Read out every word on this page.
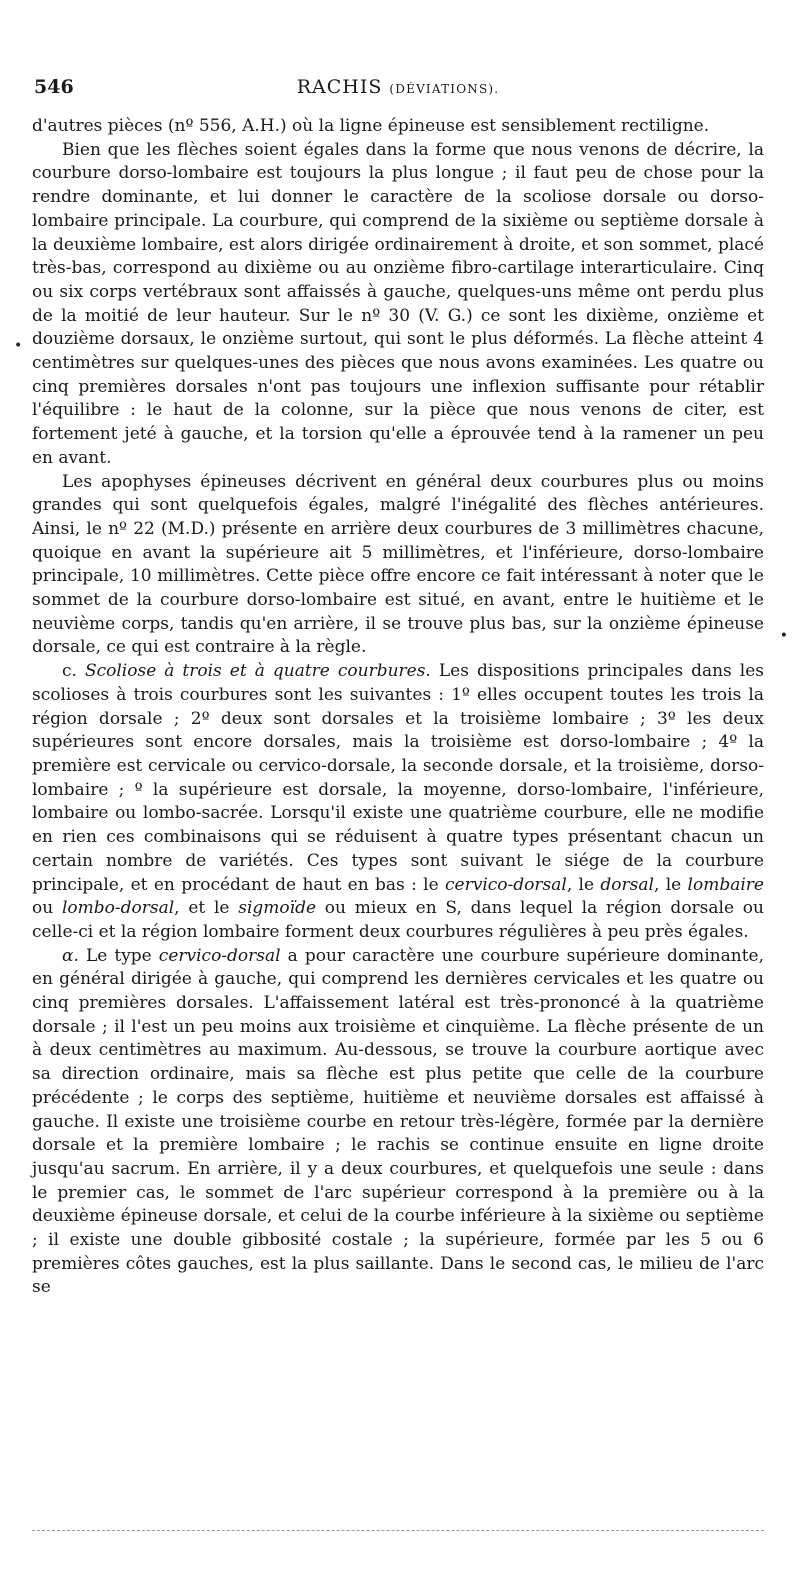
546	RACHIS (DÉVIATIONS).
•
•

d'autres pièces (nº 556, A.H.) où la ligne épineuse est sensiblement rectiligne.

Bien que les flèches soient égales dans la forme que nous venons de décrire, la courbure dorso-lombaire est toujours la plus longue ; il faut peu de chose pour la rendre dominante, et lui donner le caractère de la scoliose dorsale ou dorso-lombaire principale. La courbure, qui comprend de la sixième ou septième dorsale à la deuxième lombaire, est alors dirigée ordinairement à droite, et son sommet, placé très-bas, correspond au dixième ou au onzième fibro-cartilage interarticulaire. Cinq ou six corps vertébraux sont affaissés à gauche, quelques-uns même ont perdu plus de la moitié de leur hauteur. Sur le nº 30 (V. G.) ce sont les dixième, onzième et douzième dorsaux, le onzième surtout, qui sont le plus déformés. La flèche atteint 4 centimètres sur quelques-unes des pièces que nous avons examinées. Les quatre ou cinq premières dorsales n'ont pas toujours une inflexion suffisante pour rétablir l'équilibre : le haut de la colonne, sur la pièce que nous venons de citer, est fortement jeté à gauche, et la torsion qu'elle a éprouvée tend à la ramener un peu en avant.

Les apophyses épineuses décrivent en général deux courbures plus ou moins grandes qui sont quelquefois égales, malgré l'inégalité des flèches antérieures. Ainsi, le nº 22 (M.D.) présente en arrière deux courbures de 3 millimètres chacune, quoique en avant la supérieure ait 5 millimètres, et l'inférieure, dorso-lombaire principale, 10 millimètres. Cette pièce offre encore ce fait intéressant à noter que le sommet de la courbure dorso-lombaire est situé, en avant, entre le huitième et le neuvième corps, tandis qu'en arrière, il se trouve plus bas, sur la onzième épineuse dorsale, ce qui est contraire à la règle.

c. Scoliose à trois et à quatre courbures. Les dispositions principales dans les scolioses à trois courbures sont les suivantes : 1º elles occupent toutes les trois la région dorsale ; 2º deux sont dorsales et la troisième lombaire ; 3º les deux supérieures sont encore dorsales, mais la troisième est dorso-lombaire ; 4º la première est cervicale ou cervico-dorsale, la seconde dorsale, et la troisième, dorso-lombaire ; º la supérieure est dorsale, la moyenne, dorso-lombaire, l'inférieure, lombaire ou lombo-sacrée. Lorsqu'il existe une quatrième courbure, elle ne modifie en rien ces combinaisons qui se réduisent à quatre types présentant chacun un certain nombre de variétés. Ces types sont suivant le siége de la courbure principale, et en procédant de haut en bas : le cervico-dorsal, le dorsal, le lombaire ou lombo-dorsal, et le sigmoïde ou mieux en S, dans lequel la région dorsale ou celle-ci et la région lombaire forment deux courbures régulières à peu près égales.

α. Le type cervico-dorsal a pour caractère une courbure supérieure dominante, en général dirigée à gauche, qui comprend les dernières cervicales et les quatre ou cinq premières dorsales. L'affaissement latéral est très-prononcé à la quatrième dorsale ; il l'est un peu moins aux troisième et cinquième. La flèche présente de un à deux centimètres au maximum. Au-dessous, se trouve la courbure aortique avec sa direction ordinaire, mais sa flèche est plus petite que celle de la courbure précédente ; le corps des septième, huitième et neuvième dorsales est affaissé à gauche. Il existe une troisième courbe en retour très-légère, formée par la dernière dorsale et la première lombaire ; le rachis se continue ensuite en ligne droite jusqu'au sacrum. En arrière, il y a deux courbures, et quelquefois une seule : dans le premier cas, le sommet de l'arc supérieur correspond à la première ou à la deuxième épineuse dorsale, et celui de la courbe inférieure à la sixième ou septième ; il existe une double gibbosité costale ; la supérieure, formée par les 5 ou 6 premières côtes gauches, est la plus saillante. Dans le second cas, le milieu de l'arc se
